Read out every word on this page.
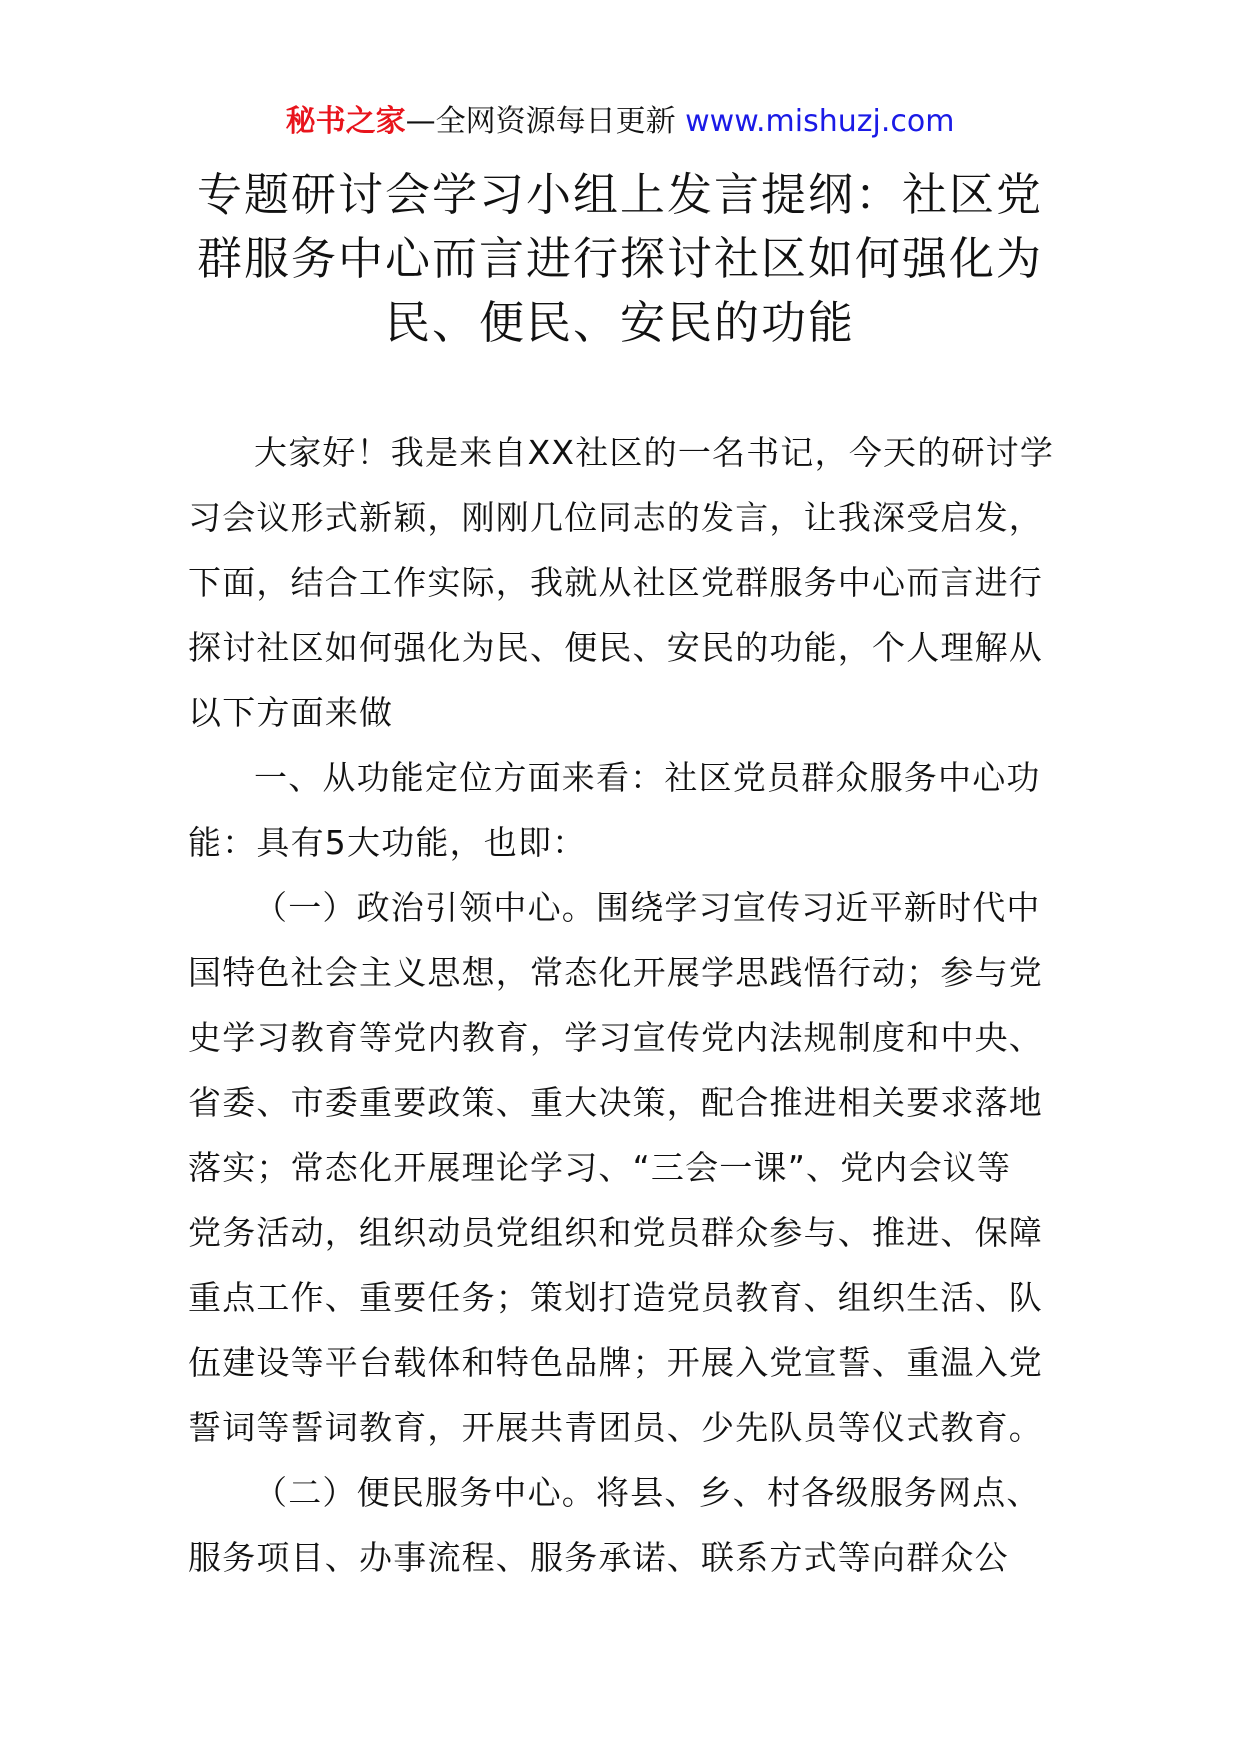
秘书之家—全网资源每日更新 www.mishuzj.com
专题研讨会学习小组上发言提纲：社区党
群服务中心而言进行探讨社区如何强化为
民、便民、安民的功能

大家好！我是来自XX社区的一名书记，今天的研讨学
习会议形式新颖，刚刚几位同志的发言，让我深受启发，
下面，结合工作实际，我就从社区党群服务中心而言进行
探讨社区如何强化为民、便民、安民的功能，个人理解从
以下方面来做

一、从功能定位方面来看：社区党员群众服务中心功
能：具有5大功能，也即：

（一）政治引领中心。围绕学习宣传习近平新时代中
国特色社会主义思想，常态化开展学思践悟行动；参与党
史学习教育等党内教育，学习宣传党内法规制度和中央、
省委、市委重要政策、重大决策，配合推进相关要求落地
落实；常态化开展理论学习、“三会一课”、党内会议等
党务活动，组织动员党组织和党员群众参与、推进、保障
重点工作、重要任务；策划打造党员教育、组织生活、队
伍建设等平台载体和特色品牌；开展入党宣誓、重温入党
誓词等誓词教育，开展共青团员、少先队员等仪式教育。

（二）便民服务中心。将县、乡、村各级服务网点、
服务项目、办事流程、服务承诺、联系方式等向群众公
